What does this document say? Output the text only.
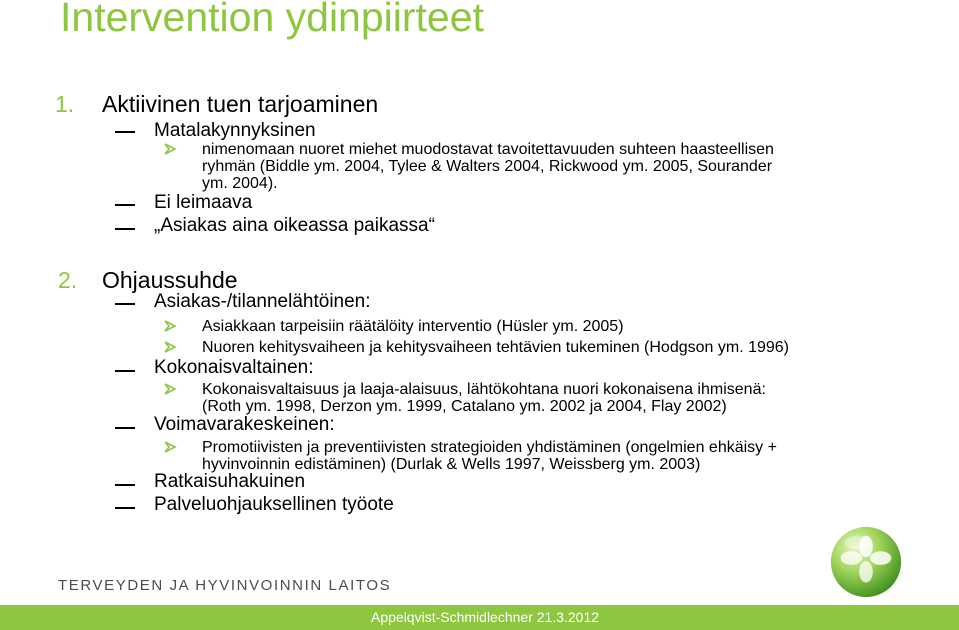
Intervention ydinpiirteet
1. Aktiivinen tuen tarjoaminen
Matalakynnyksinen
nimenomaan nuoret miehet muodostavat tavoitettavuuden suhteen haasteellisen
ryhmän (Biddle ym. 2004, Tylee & Walters 2004, Rickwood ym. 2005, Sourander
ym. 2004).
Ei leimaava
„Asiakas aina oikeassa paikassa“
2. Ohjaussuhde
Asiakas-/tilannelähtöinen:
Asiakkaan tarpeisiin räätälöity interventio (Hüsler ym. 2005)
Nuoren kehitysvaiheen ja kehitysvaiheen tehtävien tukeminen (Hodgson ym. 1996)
Kokonaisvaltainen:
Kokonaisvaltaisuus ja laaja-alaisuus, lähtökohtana nuori kokonaisena ihmisenä:
(Roth ym. 1998, Derzon ym. 1999, Catalano ym. 2002 ja 2004, Flay 2002)
Voimavarakeskeinen:
Promotiivisten ja preventiivisten strategioiden yhdistäminen (ongelmien ehkäisy +
hyvinvoinnin edistäminen) (Durlak & Wells 1997, Weissberg ym. 2003)
Ratkaisuhakuinen
Palveluohjauksellinen työote
TERVEYDEN JA HYVINVOINNIN LAITOS
Appelqvist-Schmidlechner 21.3.2012
